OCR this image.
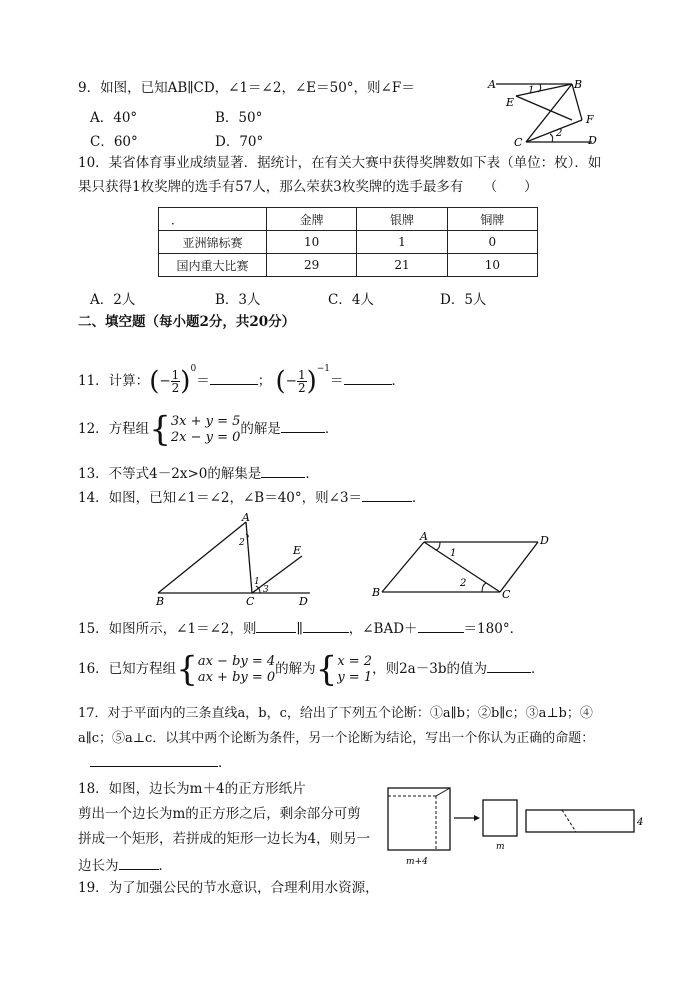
9．如图，已知AB∥CD，∠1＝∠2，∠E＝50°，则∠F＝
A．40°	B．50°
C．60°	D．70°
A	B
E
F
C	D
1
2
10．某省体育事业成绩显著．据统计，在有关大赛中获得奖牌数如下表（单位：枚）．如
果只获得1枚奖牌的选手有57人，那么荣获3枚奖牌的选手最多有　　（　　）
．	金牌	银牌	铜牌
亚洲锦标赛	10	1	0
国内重大比赛	29	21	10
A．2人	B．3人	C．4人	D．5人
二、填空题（每小题2分，共20分）
11．计算：(− $\frac{1}{2} )^0=$	； (− $\frac{1}{2} )^{-1}=$	．
12．方程组{ 3x + y = 5
2x − y = 0 的解是	．
13．不等式4－2x>0的解集是	．
14．如图，已知∠1＝∠2，∠B＝40°，则∠3＝	．
A
B	C	D
E
1
2
3
A
B	C
D
1
2
15．如图所示，∠1＝∠2，则	∥	，∠BAD＋	＝180°．
16．已知方程组{ ax − by = 4
ax + by = 0 的解为{ x = 2
y = 1 ，则2a－3b的值为	．
17．对于平面内的三条直线a，b，c，给出了下列五个论断：①a∥b；②b∥c；③a⊥b；④
a∥c；⑤a⊥c．以其中两个论断为条件，另一个论断为结论，写出一个你认为正确的命题：
．
18．如图，边长为m＋4的正方形纸片
剪出一个边长为m的正方形之后，剩余部分可剪
拼成一个矩形，若拼成的矩形一边长为4，则另一
边长为	．	m+4
m
4
19．为了加强公民的节水意识，合理利用水资源，
